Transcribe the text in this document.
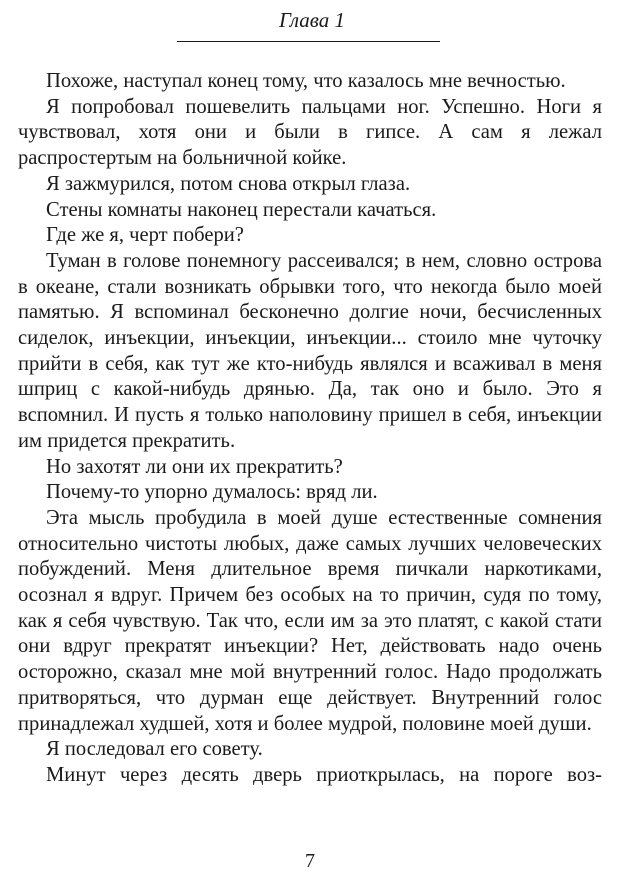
Глава 1

Похоже, наступал конец тому, что казалось мне вечностью.

Я попробовал пошевелить пальцами ног. Успешно. Ноги я чувствовал, хотя они и были в гипсе. А сам я лежал распростертым на больничной койке.

Я зажмурился, потом снова открыл глаза.

Стены комнаты наконец перестали качаться.

Где же я, черт побери?

Туман в голове понемногу рассеивался; в нем, словно острова в океане, стали возникать обрывки того, что некогда было моей памятью. Я вспоминал бесконечно долгие ночи, бесчисленных сиделок, инъекции, инъекции, инъекции... стоило мне чуточку прийти в себя, как тут же кто-нибудь являлся и всаживал в меня шприц с какой-нибудь дрянью. Да, так оно и было. Это я вспомнил. И пусть я только наполовину пришел в себя, инъекции им придется прекратить.

Но захотят ли они их прекратить?

Почему-то упорно думалось: вряд ли.

Эта мысль пробудила в моей душе естественные сомнения относительно чистоты любых, даже самых лучших человеческих побуждений. Меня длительное время пичкали наркотиками, осознал я вдруг. Причем без особых на то причин, судя по тому, как я себя чувствую. Так что, если им за это платят, с какой стати они вдруг прекратят инъекции? Нет, действовать надо очень осторожно, сказал мне мой внутренний голос. Надо продолжать притворяться, что дурман еще действует. Внутренний голос принадлежал худшей, хотя и более мудрой, половине моей души.

Я последовал его совету.

Минут через десять дверь приоткрылась, на пороге воз-

7
